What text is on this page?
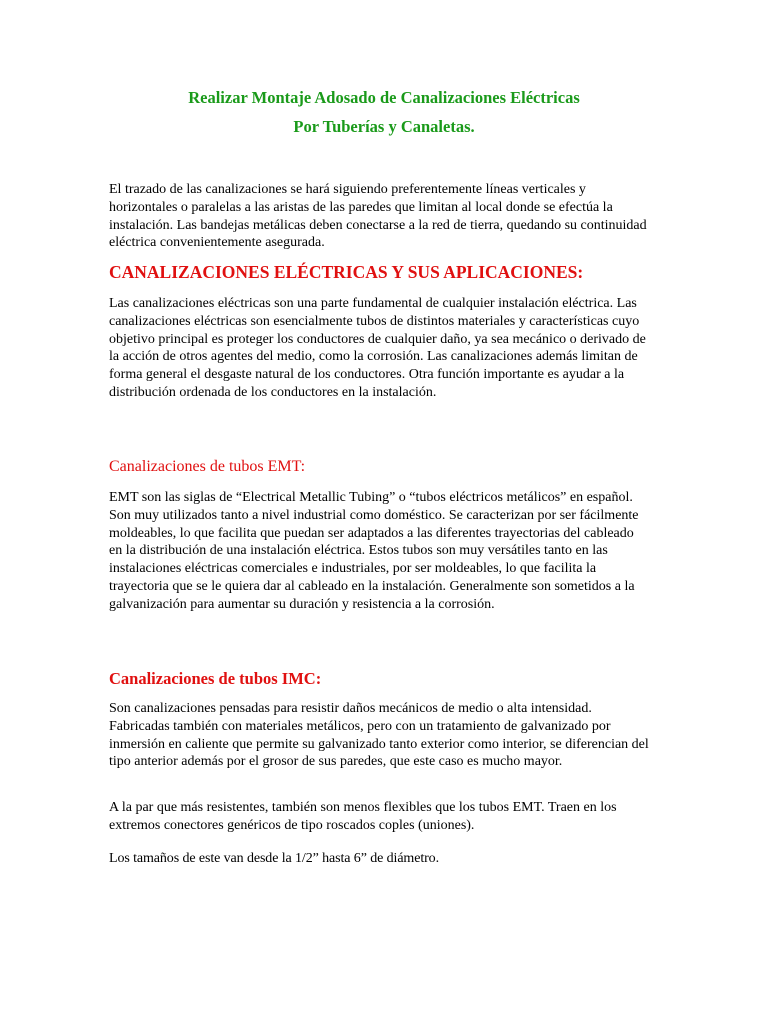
Realizar Montaje Adosado de Canalizaciones Eléctricas
Por Tuberías y Canaletas.

El trazado de las canalizaciones se hará siguiendo preferentemente líneas verticales y horizontales o paralelas a las aristas de las paredes que limitan al local donde se efectúa la instalación. Las bandejas metálicas deben conectarse a la red de tierra, quedando su continuidad eléctrica convenientemente asegurada.

CANALIZACIONES ELÉCTRICAS Y SUS APLICACIONES:

Las canalizaciones eléctricas son una parte fundamental de cualquier instalación eléctrica. Las canalizaciones eléctricas son esencialmente tubos de distintos materiales y características cuyo objetivo principal es proteger los conductores de cualquier daño, ya sea mecánico o derivado de la acción de otros agentes del medio, como la corrosión. Las canalizaciones además limitan de forma general el desgaste natural de los conductores. Otra función importante es ayudar a la distribución ordenada de los conductores en la instalación.

Canalizaciones de tubos EMT:

EMT son las siglas de “Electrical Metallic Tubing” o “tubos eléctricos metálicos” en español. Son muy utilizados tanto a nivel industrial como doméstico. Se caracterizan por ser fácilmente moldeables, lo que facilita que puedan ser adaptados a las diferentes trayectorias del cableado en la distribución de una instalación eléctrica. Estos tubos son muy versátiles tanto en las instalaciones eléctricas comerciales e industriales, por ser moldeables, lo que facilita la trayectoria que se le quiera dar al cableado en la instalación. Generalmente son sometidos a la galvanización para aumentar su duración y resistencia a la corrosión.

Canalizaciones de tubos IMC:

Son canalizaciones pensadas para resistir daños mecánicos de medio o alta intensidad. Fabricadas también con materiales metálicos, pero con un tratamiento de galvanizado por inmersión en caliente que permite su galvanizado tanto exterior como interior, se diferencian del tipo anterior además por el grosor de sus paredes, que este caso es mucho mayor.

A la par que más resistentes, también son menos flexibles que los tubos EMT. Traen en los extremos conectores genéricos de tipo roscados coples (uniones).

Los tamaños de este van desde la 1/2” hasta 6” de diámetro.
